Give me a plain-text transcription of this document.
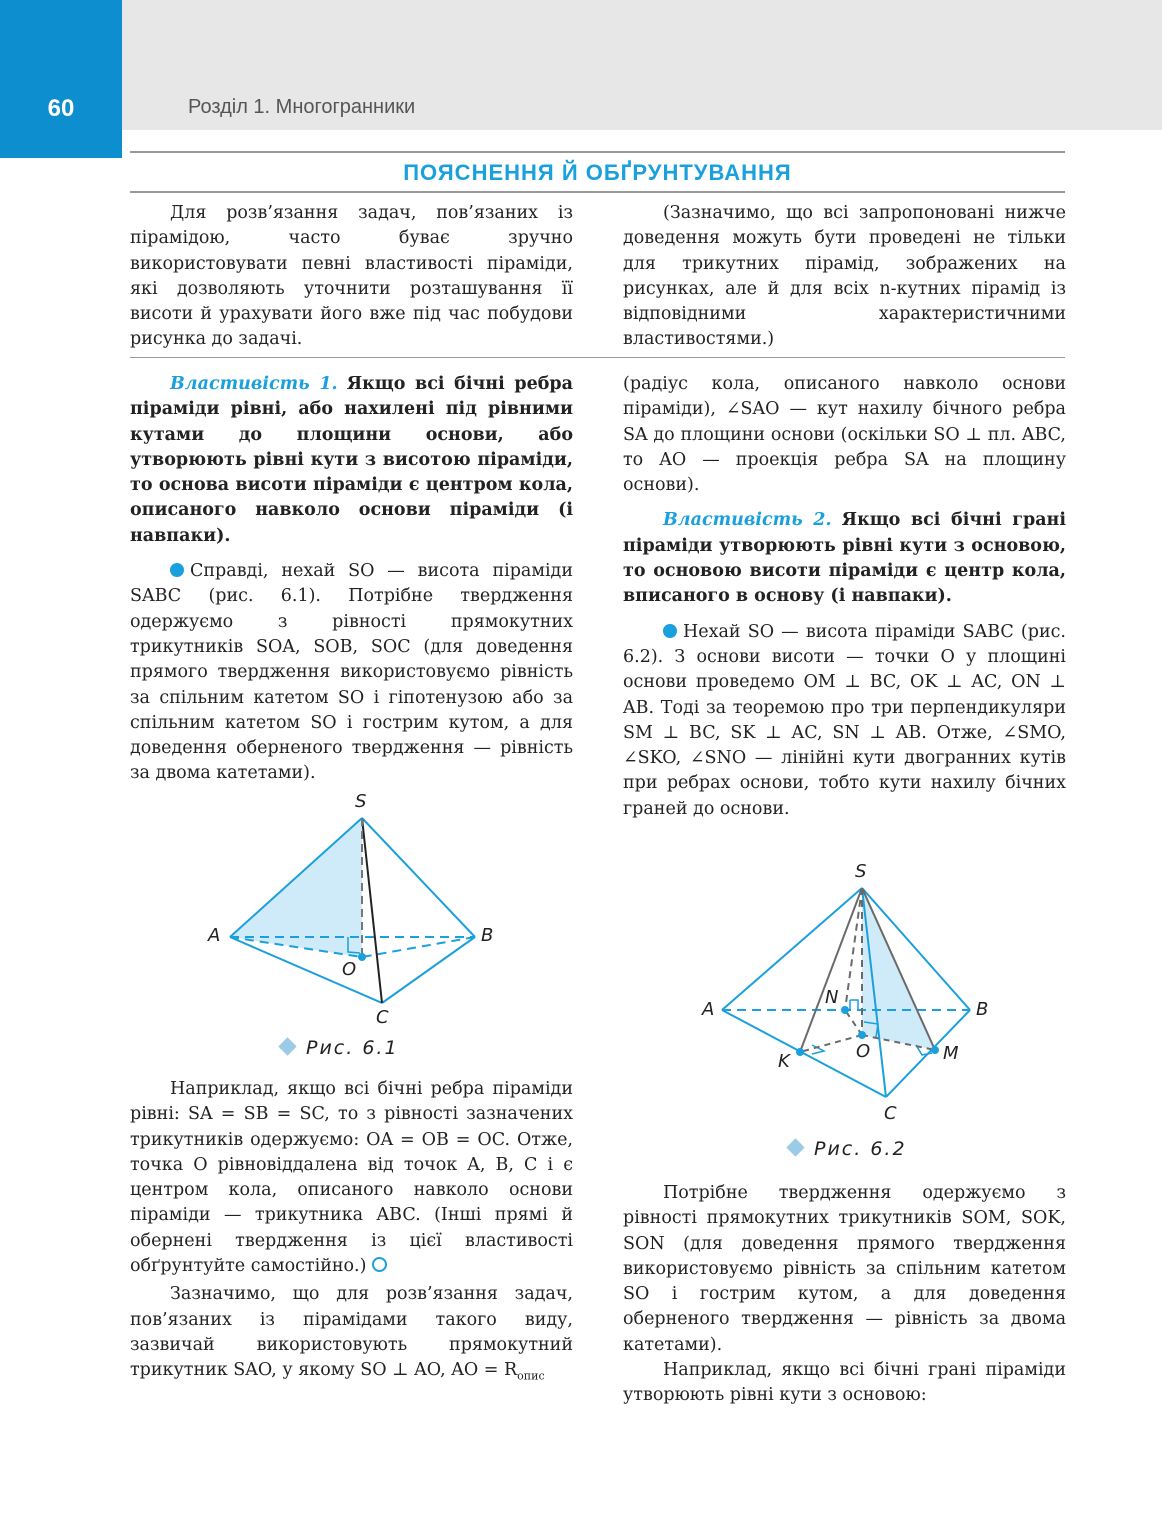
60	Розділ 1. Многогранники
ПОЯСНЕННЯ Й ОБҐРУНТУВАННЯ

Для розв’язання задач, пов’язаних із пірамідою, часто буває зручно використовувати певні властивості піраміди, які дозволяють уточнити розташування її висоти й урахувати його вже під час побудови рисунка до задачі.

(Зазначимо, що всі запропоновані нижче доведення можуть бути проведені не тільки для трикутних пірамід, зображених на рисунках, але й для всіх n-кутних пірамід із відповідними характеристичними властивостями.)

Властивість 1. Якщо всі бічні ребра піраміди рівні, або нахилені під рівними кутами до площини основи, або утворюють рівні кути з висотою піраміди, то основа висоти піраміди є центром кола, описаного навколо основи піраміди (і навпаки).

Справді, нехай SO — висота піраміди SABC (рис. 6.1). Потрібне твердження одержуємо з рівності прямокутних трикутників SOA, SOB, SOC (для доведення прямого твердження використовуємо рівність за спільним катетом SO і гіпотенузою або за спільним катетом SO і гострим кутом, а для доведення оберненого твердження — рівність за двома катетами).

S
A	B
C
O
Рис. 6.1

Наприклад, якщо всі бічні ребра піраміди рівні: SA = SB = SC, то з рівності зазначених трикутників одержуємо: OA = OB = OC. Отже, точка O рівновіддалена від точок A, B, C і є центром кола, описаного навколо основи піраміди — трикутника ABC. (Інші прямі й обернені твердження із цієї властивості обґрунтуйте самостійно.)

Зазначимо, що для розв’язання задач, пов’язаних із пірамідами такого виду, зазвичай використовують прямокутний трикутник SAO, у якому SO ⊥ AO, AO = $R_{опис}$

(радіус кола, описаного навколо основи піраміди), ∠SAO — кут нахилу бічного ребра SA до площини основи (оскільки SO ⊥ пл. ABC, то AO — проекція ребра SA на площину основи).

Властивість 2. Якщо всі бічні грані піраміди утворюють рівні кути з основою, то основою висоти піраміди є центр кола, вписаного в основу (і навпаки).

Нехай SO — висота піраміди SABC (рис. 6.2). З основи висоти — точки O у площині основи проведемо OM ⊥ BC, OK ⊥ AC, ON ⊥ AB. Тоді за теоремою про три перпендикуляри SM ⊥ BC, SK ⊥ AC, SN ⊥ AB. Отже, ∠SMO, ∠SKO, ∠SNO — лінійні кути двогранних кутів при ребрах основи, тобто кути нахилу бічних граней до основи.

S
A	B
C
O
N
K	M
Рис. 6.2

Потрібне твердження одержуємо з рівності прямокутних трикутників SOM, SOK, SON (для доведення прямого твердження використовуємо рівність за спільним катетом SO і гострим кутом, а для доведення оберненого твердження — рівність за двома катетами).

Наприклад, якщо всі бічні грані піраміди утворюють рівні кути з основою:
